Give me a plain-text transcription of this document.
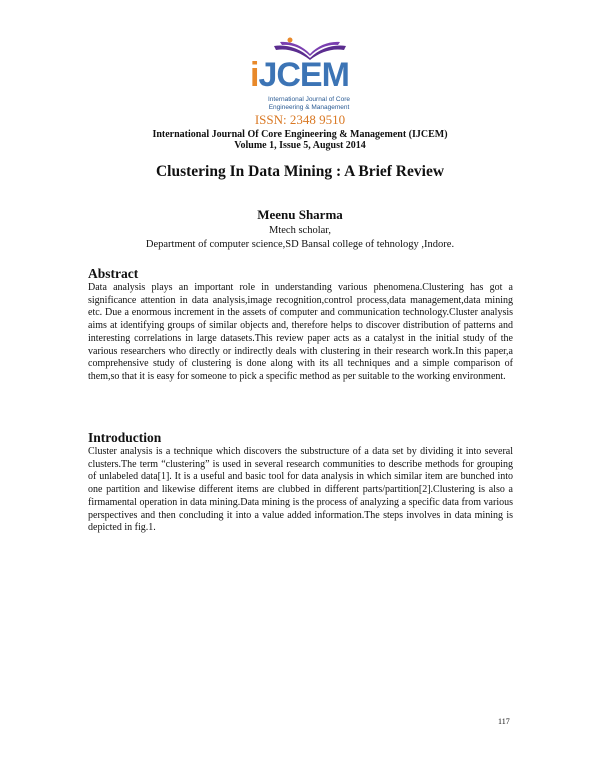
iJCEM
International Journal of Core
Engineering & Management
ISSN: 2348 9510
International Journal Of Core Engineering & Management (IJCEM)
Volume 1, Issue 5, August 2014
Clustering In Data Mining : A Brief Review
Meenu Sharma
Mtech scholar,
Department of computer science,SD Bansal college of tehnology ,Indore.
Abstract
Data analysis plays an important role in understanding various phenomena.Clustering has got a significance attention in data analysis,image recognition,control process,data management,data mining etc. Due a enormous increment in the assets of computer and communication technology.Cluster analysis aims at identifying groups of similar objects and, therefore helps to discover distribution of patterns and interesting correlations in large datasets.This review paper acts as a catalyst in the initial study of the various researchers who directly or indirectly deals with clustering in their research work.In this paper,a comprehensive study of clustering is done along with its all techniques and a simple comparison of them,so that it is easy for someone to pick a specific method as per suitable to the working environment.
Introduction
Cluster analysis is a technique which discovers the substructure of a data set by dividing it into several clusters.The term “clustering” is used in several research communities to describe methods for grouping of unlabeled data[1]. It is a useful and basic tool for data analysis in which similar item are bunched into one partition and likewise different items are clubbed in different parts/partition[2].Clustering is also a firmamental operation in data mining.Data mining is the process of analyzing a specific data from various perspectives and then concluding it into a value added information.The steps involves in data mining is depicted in fig.1.
117
